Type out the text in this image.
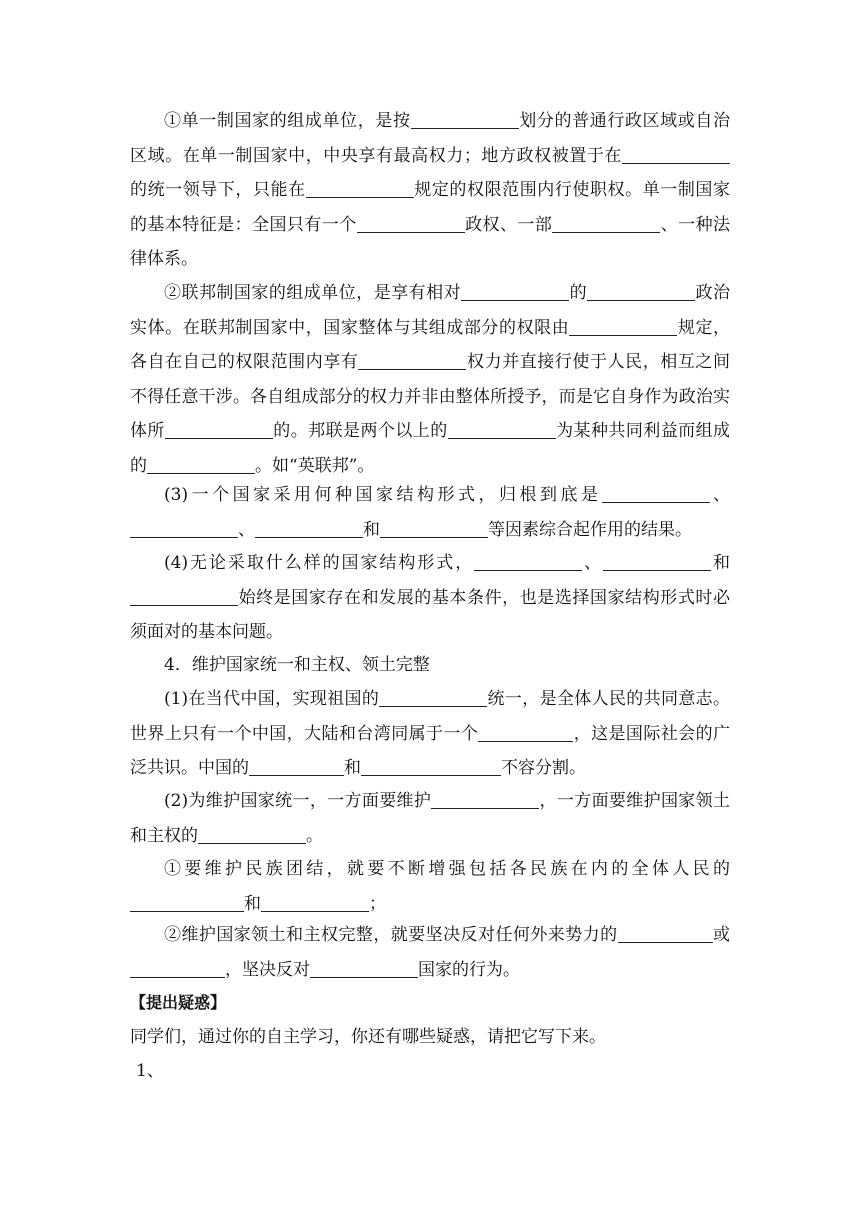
①单一制国家的组成单位，是按	划分的普通行政区域或自治区域。在单一制国家中，中央享有最高权力；地方政权被置于在的统一领导下，只能在	规定的权限范围内行使职权。单一制国家的基本特征是：全国只有一个	政权、一部	、一种法律体系。

②联邦制国家的组成单位，是享有相对	的	政治实体。在联邦制国家中，国家整体与其组成部分的权限由	规定，各自在自己的权限范围内享有	权力并直接行使于人民，相互之间不得任意干涉。各自组成部分的权力并非由整体所授予，而是它自身作为政治实体所	的。邦联是两个以上的	为某种共同利益而组成的	。如“英联邦”。

(3)一个国家采用何种国家结构形式，归根到底是	、、	和	等因素综合起作用的结果。

(4)无论采取什么样的国家结构形式，	、	和始终是国家存在和发展的基本条件，也是选择国家结构形式时必须面对的基本问题。

4．维护国家统一和主权、领土完整

(1)在当代中国，实现祖国的	统一，是全体人民的共同意志。世界上只有一个中国，大陆和台湾同属于一个	，这是国际社会的广泛共识。中国的	和	不容分割。

(2)为维护国家统一，一方面要维护	，一方面要维护国家领土和主权的	。

①要维护民族团结，就要不断增强包括各民族在内的全体人民的和	；

②维护国家领土和主权完整，就要坚决反对任何外来势力的	或，坚决反对	国家的行为。

【提出疑惑】

同学们，通过你的自主学习，你还有哪些疑惑，请把它写下来。

1、
